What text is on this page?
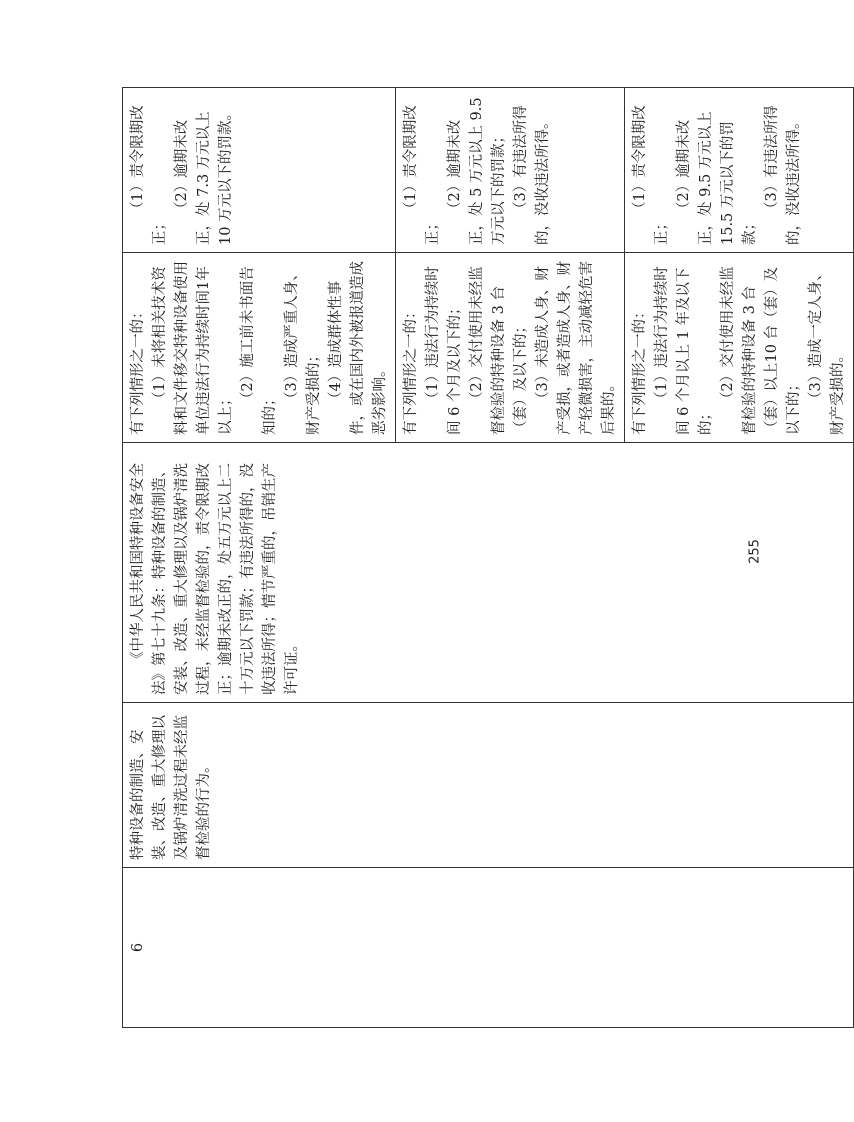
6	特种设备的制造、安装、改造、重大修理以及锅炉清洗过程未经监督检验的行为。	《中华人民共和国特种设备安全法》第七十九条：特种设备的制造、安装、改造、重大修理以及锅炉清洗过程，未经监督检验的，责令限期改正；逾期未改正的，处五万元以上二十万元以下罚款；有违法所得的，没收违法所得；情节严重的，吊销生产许可证。	有下列情形之一的： （1）未将相关技术资料和文件移交特种设备使用单位违法行为持续时间1年以上；
（2）施工前未书面告知的；
（3）造成严重人身、财产受损的； （4）造成群体性事件，或在国内外被报道造成恶劣影响。	（1）责令限期改正；
（2）逾期未改正，处 7.3 万元以上 10 万元以下的罚款。

			有下列情形之一的： （1）违法行为持续时间 6 个月及以下的； （2）交付使用未经监督检验的特种设备 3 台（套）及以下的； （3）未造成人身、财产受损，或者造成人身、财产轻微损害，主动减轻危害后果的。	（1）责令限期改正；
（2）逾期未改正，处 5 万元以上 9.5 万元以下的罚款； （3）有违法所得的，没收违法所得。

			有下列情形之一的： （1）违法行为持续时间 6 个月以上 1 年及以下的；
（2）交付使用未经监督检验的特种设备 3 台（套）以上10 台（套）及以下的； （3）造成一定人身、财产受损的。	（1）责令限期改正；
（2）逾期未改正，处 9.5 万元以上 15.5 万元以下的罚款；
（3）有违法所得的，没收违法所得。
255
